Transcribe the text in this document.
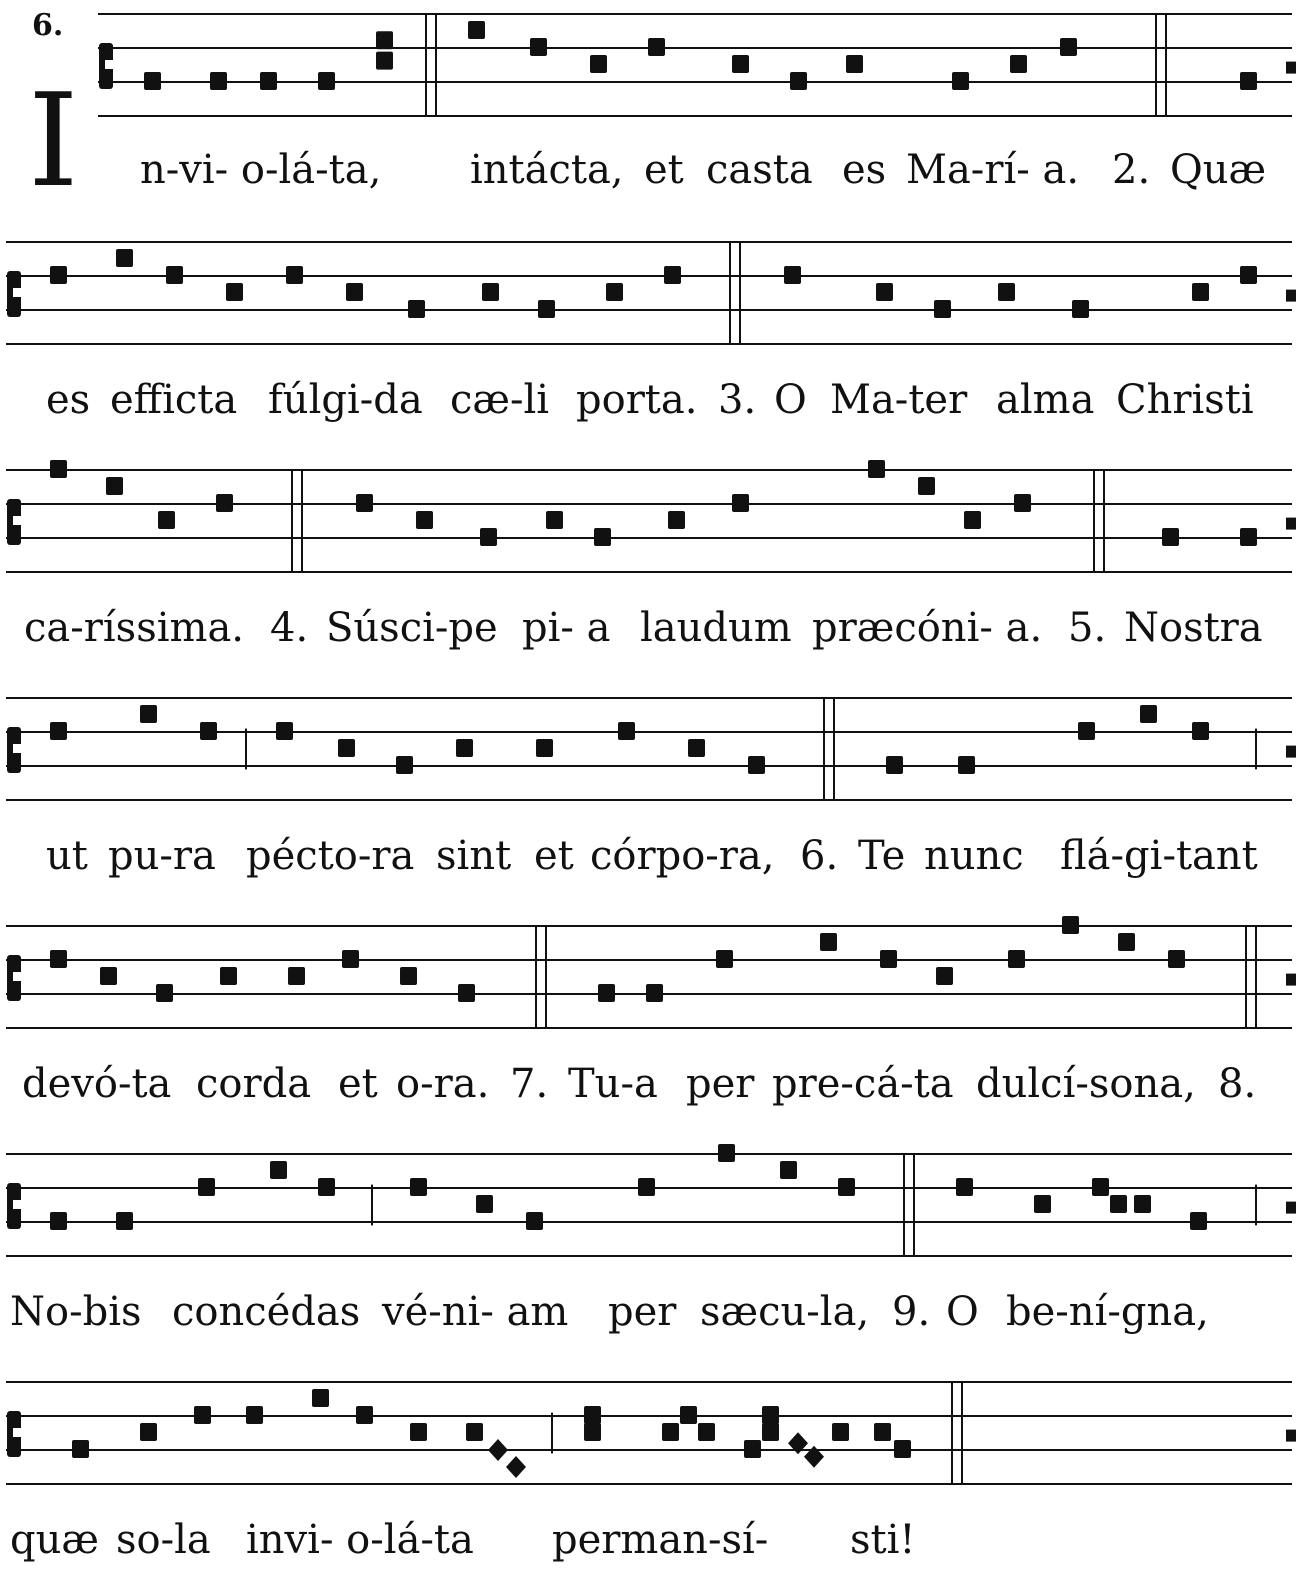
6.
I n-vi- o-lá-ta, intácta, et casta es Ma-rí- a. 2. Quæ
es efficta fúlgi-da cæ-li porta. 3. O Ma-ter alma Christi
ca-ríssima. 4. Súsci-pe pi- a laudum præcóni- a. 5. Nostra
ut pu-ra pécto-ra sint et córpo-ra, 6. Te nunc flá-gi-tant
devó-ta corda et o-ra. 7. Tu-a per pre-cá-ta dulcí-sona, 8.
No-bis concédas vé-ni- am per sæcu-la, 9. O be-ní-gna,
quæ so-la invi- o-lá-ta perman-sí- sti!
